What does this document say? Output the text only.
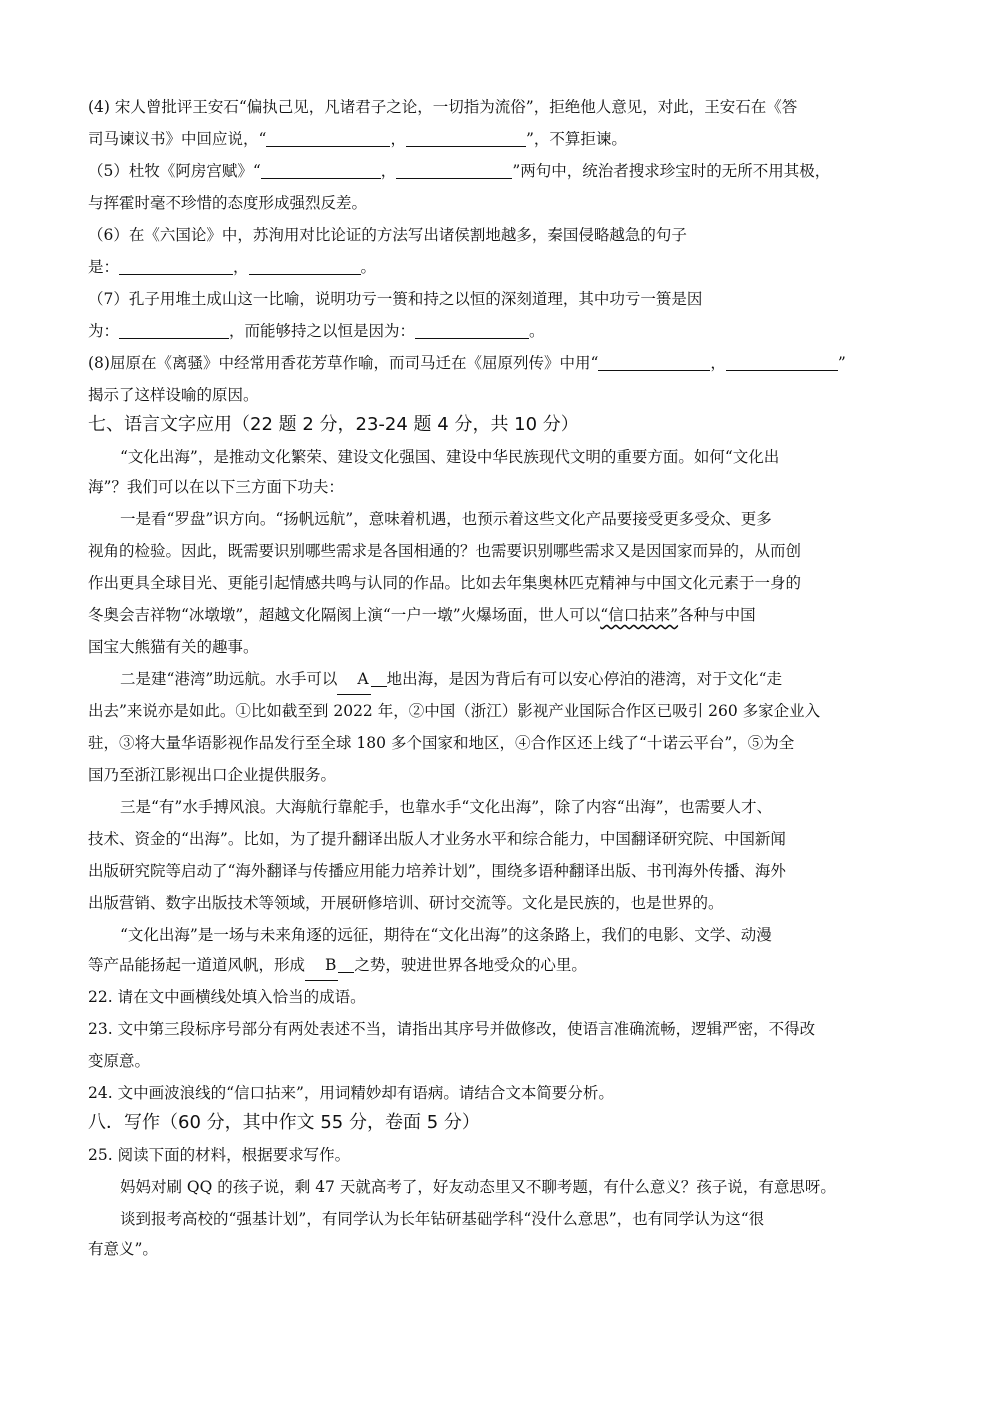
(4) 宋人曾批评王安石“偏执己见，凡诸君子之论，一切指为流俗”，拒绝他人意见，对此，王安石在《答
司马谏议书》中回应说，“	，	”，不算拒谏。
（5）杜牧《阿房宫赋》“	，	”两句中，统治者搜求珍宝时的无所不用其极，
与挥霍时毫不珍惜的态度形成强烈反差。
（6）在《六国论》中，苏洵用对比论证的方法写出诸侯割地越多，秦国侵略越急的句子
是：	，	。
（7）孔子用堆土成山这一比喻，说明功亏一篑和持之以恒的深刻道理，其中功亏一篑是因
为：	，而能够持之以恒是因为：	。
(8)屈原在《离骚》中经常用香花芳草作喻，而司马迁在《屈原列传》中用“	，	”
揭示了这样设喻的原因。
七、语言文字应用（22 题 2 分，23-24 题 4 分，共 10 分）
“文化出海”，是推动文化繁荣、建设文化强国、建设中华民族现代文明的重要方面。如何“文化出
海”？我们可以在以下三方面下功夫：
一是看“罗盘”识方向。“扬帆远航”，意味着机遇，也预示着这些文化产品要接受更多受众、更多
视角的检验。因此，既需要识别哪些需求是各国相通的？也需要识别哪些需求又是因国家而异的，从而创
作出更具全球目光、更能引起情感共鸣与认同的作品。比如去年集奥林匹克精神与中国文化元素于一身的
冬奥会吉祥物“冰墩墩”，超越文化隔阂上演“一户一墩”火爆场面，世人可以“信口拈来”各种与中国
国宝大熊猫有关的趣事。
二是建“港湾”助远航。水手可以 A 地出海，是因为背后有可以安心停泊的港湾，对于文化“走
出去”来说亦是如此。①比如截至到 2022 年，②中国（浙江）影视产业国际合作区已吸引 260 多家企业入
驻，③将大量华语影视作品发行至全球 180 多个国家和地区，④合作区还上线了“十诺云平台”，⑤为全
国乃至浙江影视出口企业提供服务。
三是“有”水手搏风浪。大海航行靠舵手，也靠水手“文化出海”，除了内容“出海”，也需要人才、
技术、资金的“出海”。比如，为了提升翻译出版人才业务水平和综合能力，中国翻译研究院、中国新闻
出版研究院等启动了“海外翻译与传播应用能力培养计划”，围绕多语种翻译出版、书刊海外传播、海外
出版营销、数字出版技术等领域，开展研修培训、研讨交流等。文化是民族的，也是世界的。
“文化出海”是一场与未来角逐的远征，期待在“文化出海”的这条路上，我们的电影、文学、动漫
等产品能扬起一道道风帆，形成 B 之势，驶进世界各地受众的心里。
22. 请在文中画横线处填入恰当的成语。
23. 文中第三段标序号部分有两处表述不当，请指出其序号并做修改，使语言准确流畅，逻辑严密，不得改
变原意。
24. 文中画波浪线的“信口拈来”，用词精妙却有语病。请结合文本简要分析。
八．写作（60 分，其中作文 55 分，卷面 5 分）
25. 阅读下面的材料，根据要求写作。
妈妈对刷 QQ 的孩子说，剩 47 天就高考了，好友动态里又不聊考题，有什么意义？孩子说，有意思呀。
谈到报考高校的“强基计划”，有同学认为长年钻研基础学科“没什么意思”，也有同学认为这“很
有意义”。
